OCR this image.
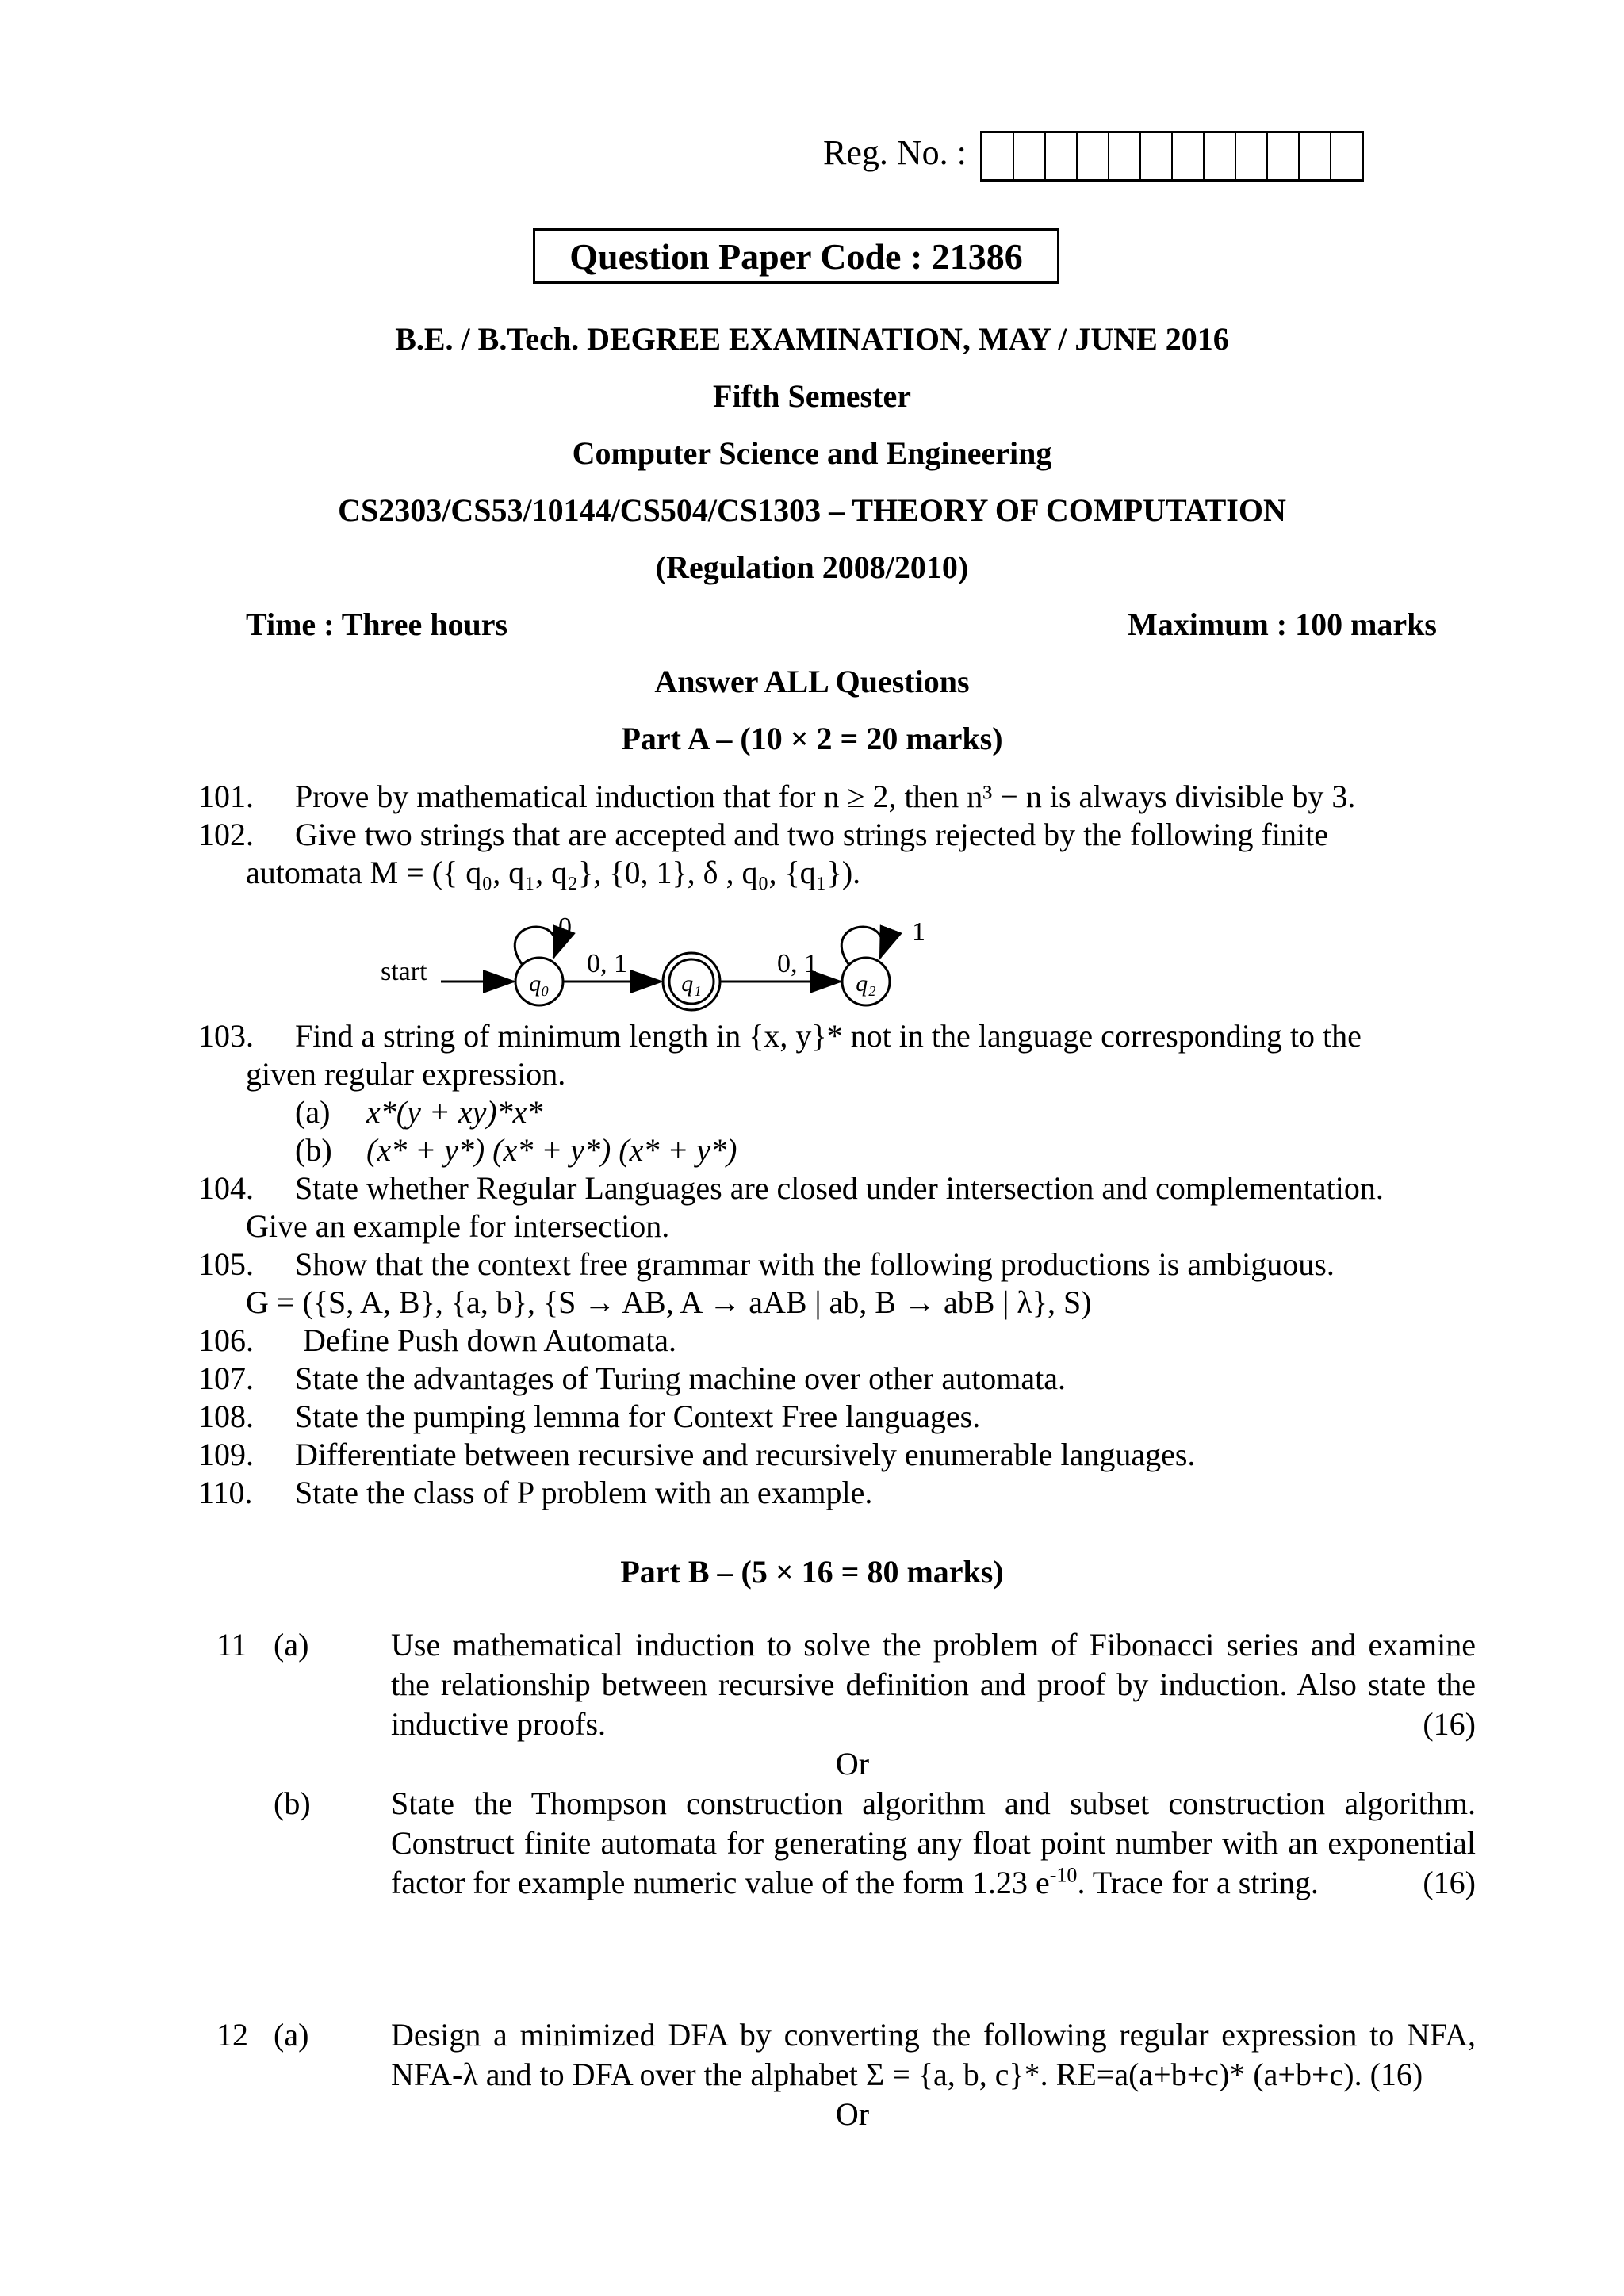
Reg. No. :
Question Paper Code : 21386
B.E. / B.Tech. DEGREE EXAMINATION, MAY / JUNE 2016
Fifth Semester
Computer Science and Engineering
CS2303/CS53/10144/CS504/CS1303 – THEORY OF COMPUTATION
(Regulation 2008/2010)
Time : Three hours	Maximum : 100 marks
Answer ALL Questions
Part A – (10 × 2 = 20 marks)
101.	Prove by mathematical induction that for n ≥ 2, then n³ − n is always divisible by 3.
102.	Give two strings that are accepted and two strings rejected by the following finite
automata M = ({ q₀, q₁, q₂}, {0, 1}, δ , q₀, {q₁}).
start	q₀
0
0, 1
q₁
0, 1
q₂
1
103.	Find a string of minimum length in {x, y}* not in the language corresponding to the
given regular expression.
(a) x*(y + xy)*x*
(b) (x* + y*) (x* + y*) (x* + y*)
104.	State whether Regular Languages are closed under intersection and complementation.
Give an example for intersection.
105.	Show that the context free grammar with the following productions is ambiguous.
G = ({S, A, B}, {a, b}, {S → AB, A → aAB | ab, B → abB | λ}, S)
106.	Define Push down Automata.
107.	State the advantages of Turing machine over other automata.
108.	State the pumping lemma for Context Free languages.
109.	Differentiate between recursive and recursively enumerable languages.
110.	State the class of P problem with an example.
Part B – (5 × 16 = 80 marks)
11 (a)	Use mathematical induction to solve the problem of Fibonacci series and examine the relationship between recursive definition and proof by induction. Also state the inductive proofs.	(16)
Or
(b)	State the Thompson construction algorithm and subset construction algorithm. Construct finite automata for generating any float point number with an exponential factor for example numeric value of the form 1.23 $e^{-10}$. Trace for a string.	(16)
12 (a)	Design a minimized DFA by converting the following regular expression to NFA, NFA-λ and to DFA over the alphabet Σ = {a, b, c}*. RE=a(a+b+c)* (a+b+c). (16)
Or
